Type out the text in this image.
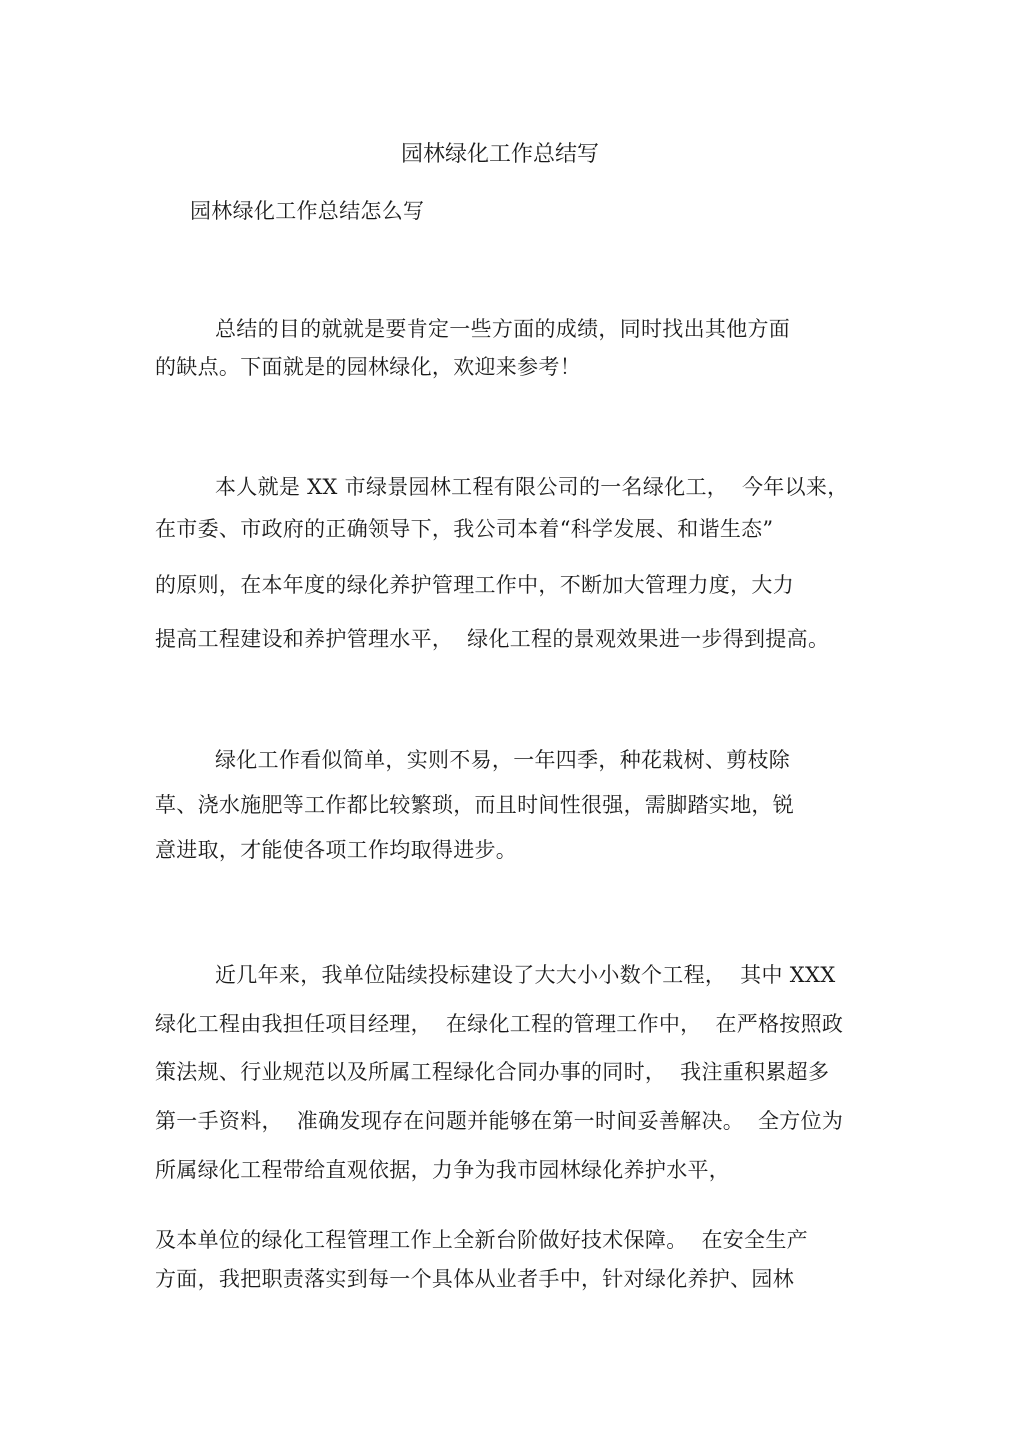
园林绿化工作总结写
园林绿化工作总结怎么写
总结的目的就就是要肯定一些方面的成绩，同时找出其他方面
的缺点。下面就是的园林绿化，欢迎来参考！
本人就是 XX 市绿景园林工程有限公司的一名绿化工，  今年以来，
在市委、市政府的正确领导下，我公司本着“科学发展、和谐生态”
的原则，在本年度的绿化养护管理工作中，不断加大管理力度，大力
提高工程建设和养护管理水平，  绿化工程的景观效果进一步得到提高。
绿化工作看似简单，实则不易，一年四季，种花栽树、剪枝除
草、浇水施肥等工作都比较繁琐，而且时间性很强，需脚踏实地，锐
意进取，才能使各项工作均取得进步。
近几年来，我单位陆续投标建设了大大小小数个工程，  其中 XXX
绿化工程由我担任项目经理，  在绿化工程的管理工作中，  在严格按照政
策法规、行业规范以及所属工程绿化合同办事的同时，  我注重积累超多
第一手资料，  准确发现存在问题并能够在第一时间妥善解决。  全方位为
所属绿化工程带给直观依据，力争为我市园林绿化养护水平，
及本单位的绿化工程管理工作上全新台阶做好技术保障。  在安全生产
方面，我把职责落实到每一个具体从业者手中，针对绿化养护、园林
